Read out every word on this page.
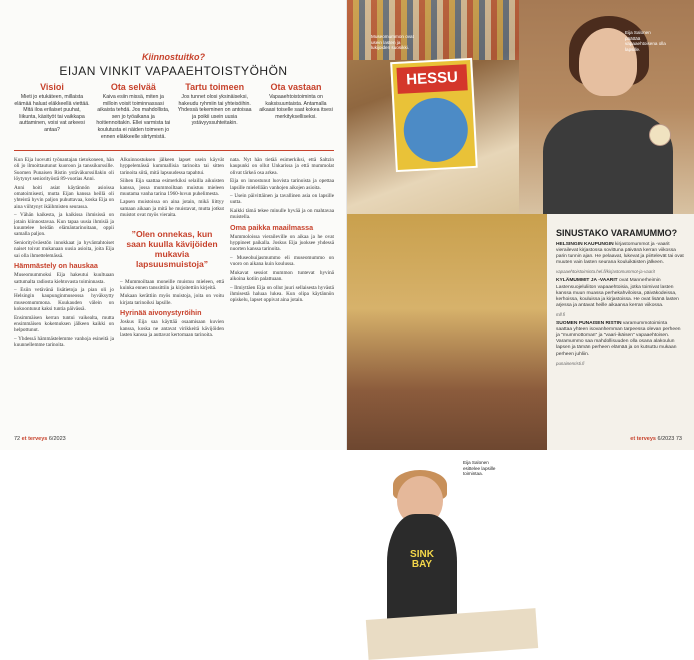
Kiinnostuitko?
EIJAN VINKIT VAPAAEHTOISTYÖHÖN
Visioi

Mieti jo etukäteen, millaista elämää haluat eläkkeellä viettää. Mitä iloa erilaiset puuhat, liikunta, käsityöt tai vaikkapa auttaminen, voisi vat arkeesi antaa?

Ota selvää

Kaiva esiin missä, miten ja milloin voisit toiminnassasi aikaista tehdä. Jos mahdollista, sen jo työaikana ja hoitiennoitakin. Ellei varmista tai koulutusta ei näiden toimeen jo ennen eläkkeelle siirtymistä.

Tartu toimeen

Jos tunnet olosi yksinäiseksi, hakeudu ryhmiin tai yhteisöihin. Yhdessä tekeminen on antoisaa ja poikii usein uusia ystävyyssuhteitakin.

Ota vastaan

Vapaaehtoistoiminta on kaksisuuntaista. Antamalla aikaasi toiselle saat kokea itsesi merkitykselliseksi.

Kun Eija luovutti työnantajan tietokoneen, hän oli jo ilmoittautunut kuoroon ja tanssikurssille. Suomen Punaisen Ristin ystäväkurssillakin oli löytynyt seniorityöstä 89-vuotias Anni.

Anni hoiti asiat käytännön asioissa omatoimisesti, mutta Eijan kanssa heillä oli yhteistä hyvin paljon puhuttavaa, koska Eija on aina viihtynyt ikäihmisten seurassa.

– Vähän kaikesta, ja kaikissa ihmisissä on jotain kiinnostavaa. Kun tapaa uusia ihmisiä ja kuuntelee heidän elämäntarinoitaan, oppii samalla paljon.

Seniorityöväestön innokkaat ja hyväntahtoiset naiset toivat mukanaan uusia asioita, joita Eija sai olla ihmettelemässä.

Hämmästely on hauskaa

Museomummoksi Eija hakeutui kuultuaan sattumalta radiosta kiehtovasta toiminnasta.

– Esiin vetävänä lisätietoja ja pian oli jo Helsingin kaupunginmuseossa hyväksytty museomummona. Kuukauden välein on kokoontunut kaksi tuntia päivässä.

Ensimmäisen kerran tuntui vaikealta, mutta ensimmäisen kokemuksen jälkeen kaikki on helpottunut.

– Yhdessä hämmästelemme vanhoja esineitä ja kuunnellemme tarinoita.

Alkuinnostuksen jälkeen lapset usein käyvät hyppelemässä kummallisia tarinoita tai sitten tarinoita siitä, mitä lapsuudessa tapahtui.

Siihen Eija saattaa esimerkiksi selailla aikuisten kanssa, jossa mummoiltaan muistuu mieleen muutama vanha tarina 1960-luvun puhelimesta.

Lapsen muistoissa on aina jotain, mikä liittyy samaan aikaan ja mitä he muistavat, mutta jotkut muistot ovat myös vieraita.

”Olen onnekas, kun saan kuulla kävijöiden mukavia lapsuusmuistoja”

– Mummoiltaan moneille muistuu mieleen, että kuinka ennen tanssittiin ja kirjoitettiin kirjeitä.

Mukaan kerättiin myös muistoja, joita on voitu kirjata tarinoiksi lapsille.

Hyrinää aivonystyröihin

Joskus Eija saa käyttää osaamisaan kuvien kanssa, koska ne antavat virikkeitä kävijöiden lasten kanssa ja auttavat kertomaan tarinoita.

nata. Nyt hän tietää esimerkiksi, että Saltzin kaupunki on ollut Unkarissa ja että mummolat olivat tärkeä osa arkea.

Eija on innostunut luovista tarinoista ja opettaa lapsille mielellään vanhojen aikojen asioita.

– Usein päivittäinen ja tavallinen asia on lapsille uutta.

Kaikki tämä tekee minulle hyvää ja on mahtavaa muistella.

Oma paikka maailmassa

Mummoloissa vieraileville on aikaa ja he ovat hyppineet paikalla. Joskus Eija juoksee yhdessä nuorten kanssa tarinoita.

– Museohuijasmummo eli museomummo on vuoro on aikana kuin koulussa.

Mukavat sessiot mummon tuntevat hyvinä aikoina kotiin palattuaan.

– Ilmiyttäen Eija on ollut juuri sellaisesta hyvästä ihmisestä haluaa lukea. Kun olipa käytännön opiskelu, lapset oppivat aina jotain.

72 et terveys 6/2023
HESSU
Museomummon ovat usein lasten ja lukijoiden suosikki.
Eija Salonen päättää vapaaehtoisena olla lapsille.
SINK BAY
Eija Salonen esittelee lapsille toimintaa.
SINUSTAKO VARAMUMMO?

HELSINGIN KAUPUNGIN kirjastomummot ja -vaarit vierailevat kirjastossa sovittuna päivänä kerran viikossa parin tunnin ajan. He pelaavat, lukevat ja piirtelevät tai ovat muuten vain lasten seurana kouluikäisten jälkeen.

vapaaehtoistoiminta.hel.fi/kirjastomummot-ja-vaarit

KYLÄMUMMIT JA -VAARIT ovat Mannerheimin Lastensuojeluliiton vapaaehtoisia, jotka toimivat lasten kanssa muun muassa perhekahviloissa, päiväkodeissa, kerhoissa, kouluissa ja kirjastoissa. He ovat lisänä lasten arjessa ja antavat heille aikaansa kerran viikossa.

mll.fi

SUOMEN PUNAISEN RISTIN varamummotoiminta saattaa yhteen isovanhemman tarpeessa olevan perheen ja "mummottoman" ja "vaari-ikäisen" vapaaehtoisen. Varamummo saa mahdollisuuden olla osana alakoulun lapsen ja tämän perheen elämää ja on kutsuttu mukaan perheen juhliin.

punainenristi.fi

et terveys 6/2023 73
